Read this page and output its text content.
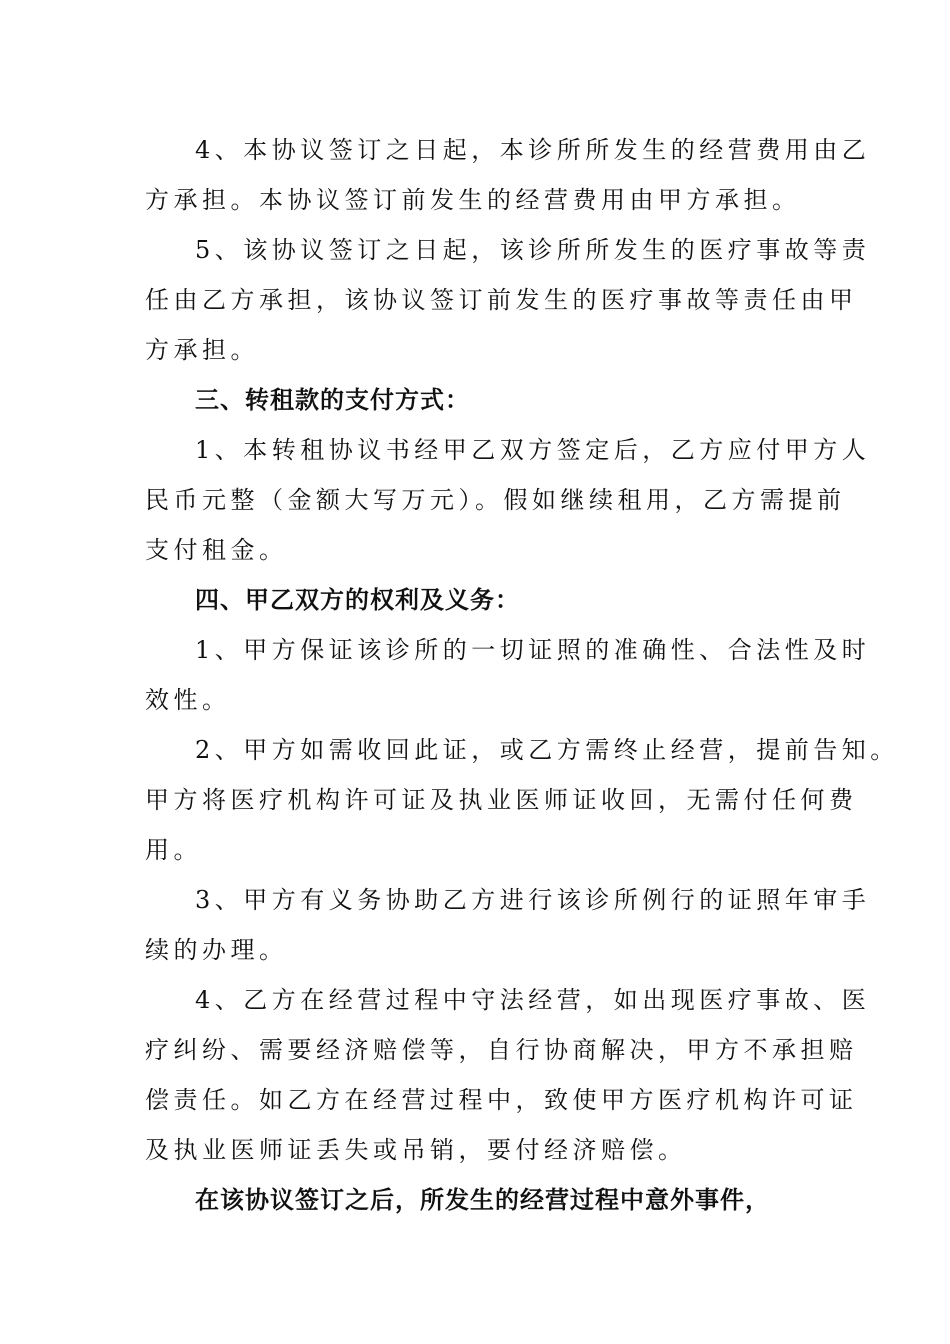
4、本协议签订之日起，本诊所所发生的经营费用由乙
方承担。本协议签订前发生的经营费用由甲方承担。
5、该协议签订之日起，该诊所所发生的医疗事故等责
任由乙方承担，该协议签订前发生的医疗事故等责任由甲
方承担。
三、转租款的支付方式：
1、本转租协议书经甲乙双方签定后，乙方应付甲方人
民币元整（金额大写万元）。假如继续租用，乙方需提前
支付租金。
四、甲乙双方的权利及义务：
1、甲方保证该诊所的一切证照的准确性、合法性及时
效性。
2、甲方如需收回此证，或乙方需终止经营，提前告知。
甲方将医疗机构许可证及执业医师证收回，无需付任何费
用。
3、甲方有义务协助乙方进行该诊所例行的证照年审手
续的办理。
4、乙方在经营过程中守法经营，如出现医疗事故、医
疗纠纷、需要经济赔偿等，自行协商解决，甲方不承担赔
偿责任。如乙方在经营过程中，致使甲方医疗机构许可证
及执业医师证丢失或吊销，要付经济赔偿。
在该协议签订之后，所发生的经营过程中意外事件，
